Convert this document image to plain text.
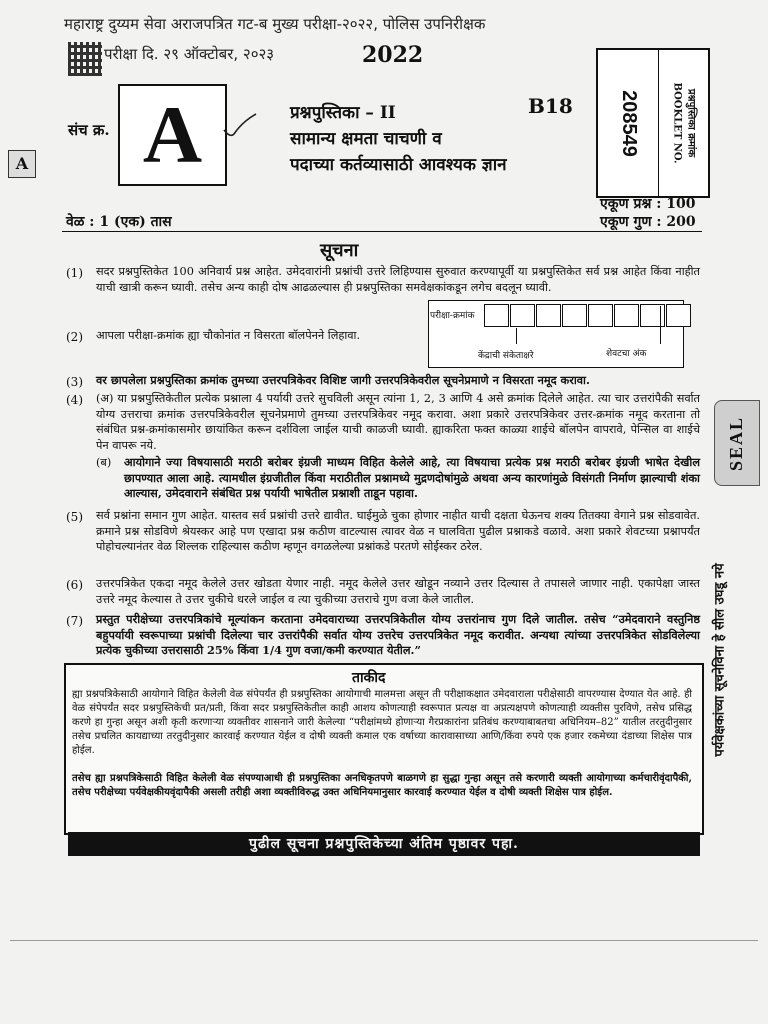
महाराष्ट्र दुय्यम सेवा अराजपत्रित गट-ब मुख्य परीक्षा-२०२२, पोलिस उपनिरीक्षक
परीक्षा दि. २९ ऑक्टोबर, २०२३	2022
संच क्र. A
A
प्रश्नपुस्तिका – II
सामान्य क्षमता चाचणी व
पदाच्या कर्तव्यासाठी आवश्यक ज्ञान
B18 208549	प्रश्नपुस्तिका क्रमांक
BOOKLET NO.
एकूण प्रश्न : 100
एकूण गुण : 200
वेळ : 1 (एक) तास
सूचना
(1) सदर प्रश्नपुस्तिकेत 100 अनिवार्य प्रश्न आहेत. उमेदवारांनी प्रश्नांची उत्तरे लिहिण्यास सुरुवात करण्यापूर्वी या प्रश्नपुस्तिकेत सर्व प्रश्न आहेत किंवा नाहीत याची खात्री करून घ्यावी. तसेच अन्य काही दोष आढळल्यास ही प्रश्नपुस्तिका समवेक्षकांकडून लगेच बदलून घ्यावी.
परीक्षा-क्रमांक
केंद्राची संकेताक्षरे	शेवटचा अंक
(2) आपला परीक्षा-क्रमांक ह्या चौकोनांत न विसरता बॉलपेनने लिहावा.
(3) वर छापलेला प्रश्नपुस्तिका क्रमांक तुमच्या उत्तरपत्रिकेवर विशिष्ट जागी उत्तरपत्रिकेवरील सूचनेप्रमाणे न विसरता नमूद करावा.
(4) (अ) या प्रश्नपुस्तिकेतील प्रत्येक प्रश्नाला 4 पर्यायी उत्तरे सुचविली असून त्यांना 1, 2, 3 आणि 4 असे क्रमांक दिलेले आहेत. त्या चार उत्तरांपैकी सर्वात योग्य उत्तराचा क्रमांक उत्तरपत्रिकेवरील सूचनेप्रमाणे तुमच्या उत्तरपत्रिकेवर नमूद करावा. अशा प्रकारे उत्तरपत्रिकेवर उत्तर-क्रमांक नमूद करताना तो संबंधित प्रश्न-क्रमांकासमोर छायांकित करून दर्शविला जाईल याची काळजी घ्यावी. ह्याकरिता फक्त काळ्या शाईचे बॉलपेन वापरावे, पेन्सिल वा शाईचे पेन वापरू नये.
(ब)	आयोगाने ज्या विषयासाठी मराठी बरोबर इंग्रजी माध्यम विहित केलेले आहे, त्या विषयाचा प्रत्येक प्रश्न मराठी बरोबर इंग्रजी भाषेत देखील छापण्यात आला आहे. त्यामधील इंग्रजीतील किंवा मराठीतील प्रश्नामध्ये मुद्रणदोषांमुळे अथवा अन्य कारणांमुळे विसंगती निर्माण झाल्याची शंका आल्यास, उमेदवाराने संबंधित प्रश्न पर्यायी भाषेतील प्रश्नाशी ताडून पहावा.
(5) सर्व प्रश्नांना समान गुण आहेत. यास्तव सर्व प्रश्नांची उत्तरे द्यावीत. घाईमुळे चुका होणार नाहीत याची दक्षता घेऊनच शक्य तितक्या वेगाने प्रश्न सोडवावेत. क्रमाने प्रश्न सोडविणे श्रेयस्कर आहे पण एखादा प्रश्न कठीण वाटल्यास त्यावर वेळ न घालविता पुढील प्रश्नाकडे वळावे. अशा प्रकारे शेवटच्या प्रश्नापर्यंत पोहोचल्यानंतर वेळ शिल्लक राहिल्यास कठीण म्हणून वगळलेल्या प्रश्नांकडे परतणे सोईस्कर ठरेल.
(6) उत्तरपत्रिकेत एकदा नमूद केलेले उत्तर खोडता येणार नाही. नमूद केलेले उत्तर खोडून नव्याने उत्तर दिल्यास ते तपासले जाणार नाही. एकापेक्षा जास्त उत्तरे नमूद केल्यास ते उत्तर चुकीचे धरले जाईल व त्या चुकीच्या उत्तराचे गुण वजा केले जातील.
(7) प्रस्तुत परीक्षेच्या उत्तरपत्रिकांचे मूल्यांकन करताना उमेदवाराच्या उत्तरपत्रिकेतील योग्य उत्तरांनाच गुण दिले जातील. तसेच “उमेदवाराने वस्तुनिष्ठ बहुपर्यायी स्वरूपाच्या प्रश्नांची दिलेल्या चार उत्तरांपैकी सर्वात योग्य उत्तरेच उत्तरपत्रिकेत नमूद करावीत. अन्यथा त्यांच्या उत्तरपत्रिकेत सोडविलेल्या प्रत्येक चुकीच्या उत्तरासाठी 25% किंवा 1/4 गुण वजा/कमी करण्यात येतील.”
ताकीद
ह्या प्रश्नपत्रिकेसाठी आयोगाने विहित केलेली वेळ संपेपर्यंत ही प्रश्नपुस्तिका आयोगाची मालमत्ता असून ती परीक्षाकक्षात उमेदवाराला परीक्षेसाठी वापरण्यास देण्यात येत आहे. ही वेळ संपेपर्यंत सदर प्रश्नपुस्तिकेची प्रत/प्रती, किंवा सदर प्रश्नपुस्तिकेतील काही आशय कोणत्याही स्वरूपात प्रत्यक्ष वा अप्रत्यक्षपणे कोणत्याही व्यक्तीस पुरविणे, तसेच प्रसिद्ध करणे हा गुन्हा असून अशी कृती करणाऱ्या व्यक्तीवर शासनाने जारी केलेल्या “परीक्षांमध्ये होणाऱ्या गैरप्रकारांना प्रतिबंध करण्याबाबतचा अधिनियम–82” यातील तरतुदीनुसार तसेच प्रचलित कायद्याच्या तरतुदीनुसार कारवाई करण्यात येईल व दोषी व्यक्ती कमाल एक वर्षाच्या कारावासाच्या आणि/किंवा रुपये एक हजार रकमेच्या दंडाच्या शिक्षेस पात्र होईल.
तसेच ह्या प्रश्नपत्रिकेसाठी विहित केलेली वेळ संपण्याआधी ही प्रश्नपुस्तिका अनधिकृतपणे बाळगणे हा सुद्धा गुन्हा असून तसे करणारी व्यक्ती आयोगाच्या कर्मचारीवृंदापैकी, तसेच परीक्षेच्या पर्यवेक्षकीयवृंदापैकी असली तरीही अशा व्यक्तीविरुद्ध उक्त अधिनियमानुसार कारवाई करण्यात येईल व दोषी व्यक्ती शिक्षेस पात्र होईल.
पुढील सूचना प्रश्नपुस्तिकेच्या अंतिम पृष्ठावर पहा.
पर्यवेक्षकांच्या सूचनेविना हे सील उघडू नये
SEAL
